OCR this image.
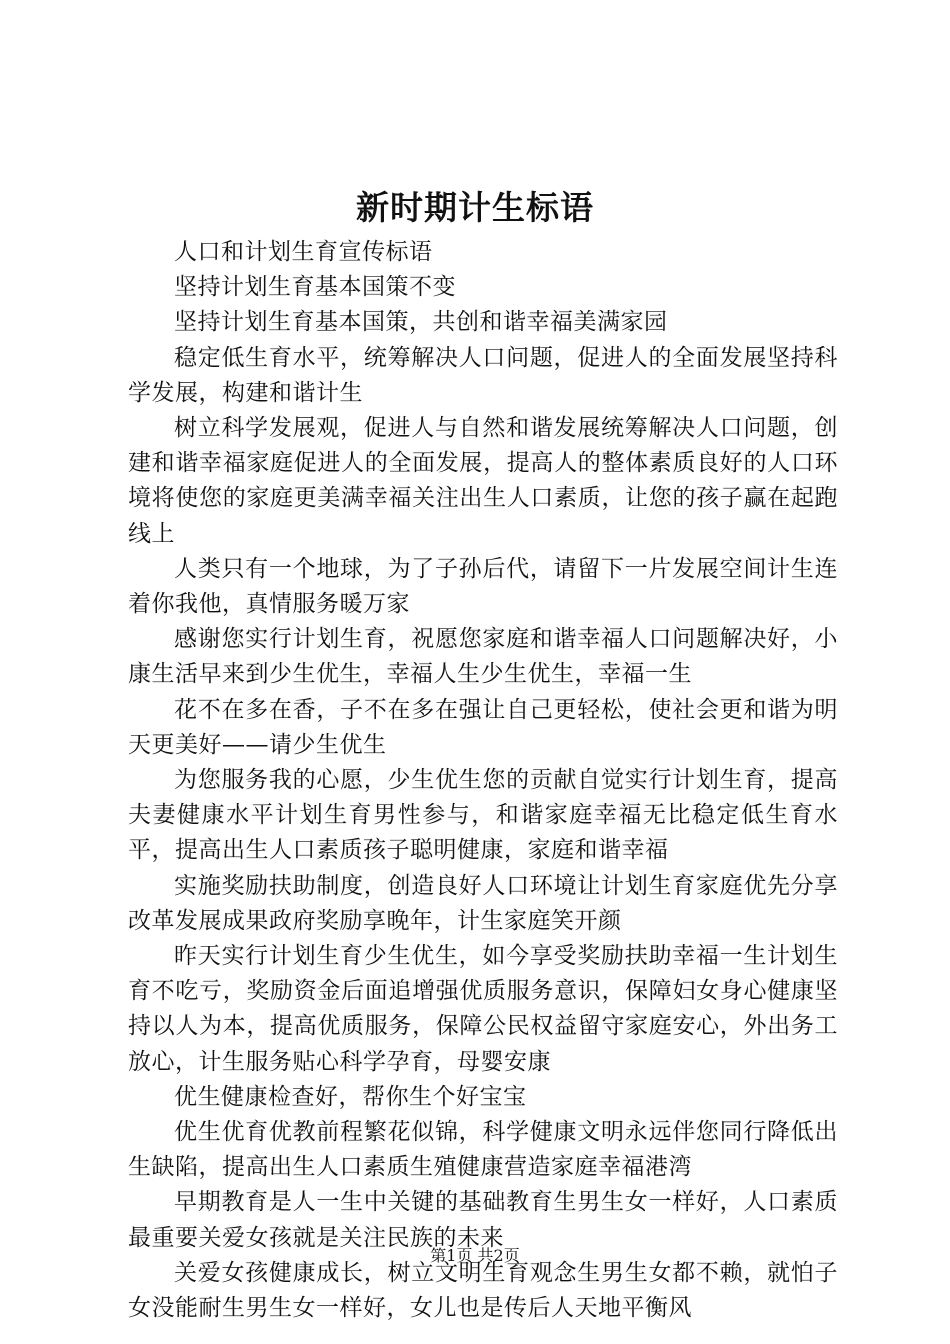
新时期计生标语

人口和计划生育宣传标语

坚持计划生育基本国策不变

坚持计划生育基本国策，共创和谐幸福美满家园

稳定低生育水平，统筹解决人口问题，促进人的全面发展坚持科学发展，构建和谐计生

树立科学发展观，促进人与自然和谐发展统筹解决人口问题，创建和谐幸福家庭促进人的全面发展，提高人的整体素质良好的人口环境将使您的家庭更美满幸福关注出生人口素质，让您的孩子赢在起跑线上

人类只有一个地球，为了子孙后代，请留下一片发展空间计生连着你我他，真情服务暖万家

感谢您实行计划生育，祝愿您家庭和谐幸福人口问题解决好，小康生活早来到少生优生，幸福人生少生优生，幸福一生

花不在多在香，子不在多在强让自己更轻松，使社会更和谐为明天更美好——请少生优生

为您服务我的心愿，少生优生您的贡献自觉实行计划生育，提高夫妻健康水平计划生育男性参与，和谐家庭幸福无比稳定低生育水平，提高出生人口素质孩子聪明健康，家庭和谐幸福

实施奖励扶助制度，创造良好人口环境让计划生育家庭优先分享改革发展成果政府奖励享晚年，计生家庭笑开颜

昨天实行计划生育少生优生，如今享受奖励扶助幸福一生计划生育不吃亏，奖励资金后面追增强优质服务意识，保障妇女身心健康坚持以人为本，提高优质服务，保障公民权益留守家庭安心，外出务工放心，计生服务贴心科学孕育，母婴安康

优生健康检查好，帮你生个好宝宝

优生优育优教前程繁花似锦，科学健康文明永远伴您同行降低出生缺陷，提高出生人口素质生殖健康营造家庭幸福港湾

早期教育是人一生中关键的基础教育生男生女一样好，人口素质最重要关爱女孩就是关注民族的未来

关爱女孩健康成长，树立文明生育观念生男生女都不赖，就怕子女没能耐生男生女一样好，女儿也是传后人天地平衡风

第1页 共2页
